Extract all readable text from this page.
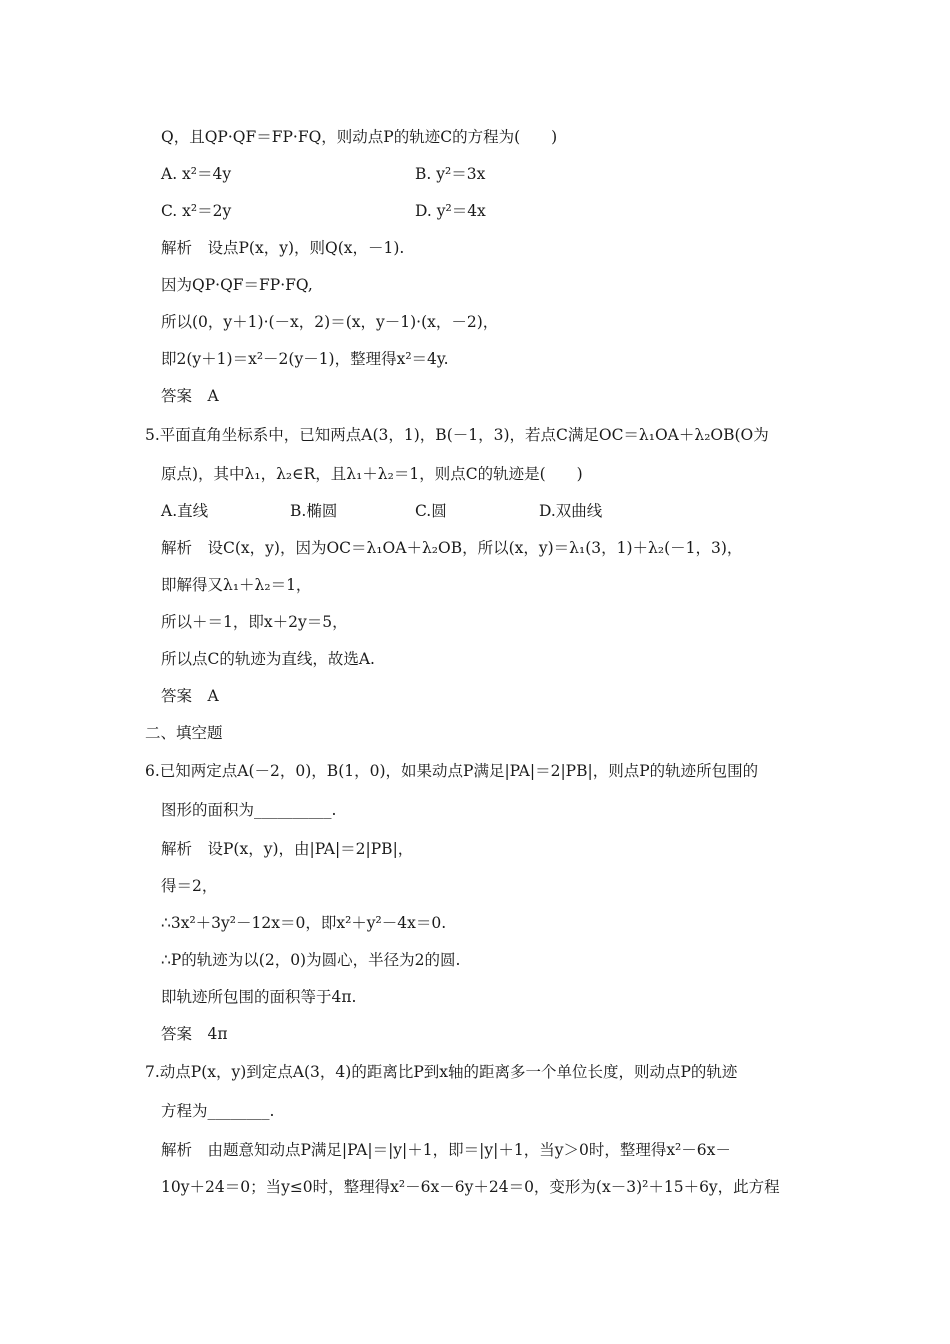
Q，且QP·QF＝FP·FQ，则动点P的轨迹C的方程为(　　)
A. x²＝4y	B. y²＝3x
C. x²＝2y	D. y²＝4x
解析　设点P(x，y)，则Q(x，－1).
因为QP·QF＝FP·FQ,
所以(0，y＋1)·(－x，2)＝(x，y－1)·(x，－2)，
即2(y＋1)＝x²－2(y－1)，整理得x²＝4y.
答案　A
5.平面直角坐标系中，已知两点A(3，1)，B(－1，3)，若点C满足OC＝λ₁OA＋λ₂OB(O为
原点)，其中λ₁，λ₂∈R，且λ₁＋λ₂＝1，则点C的轨迹是(　　)
A.直线	B.椭圆	C.圆	D.双曲线
解析　设C(x，y)，因为OC＝λ₁OA＋λ₂OB，所以(x，y)＝λ₁(3，1)＋λ₂(－1，3)，
即解得又λ₁＋λ₂＝1，
所以＋＝1，即x＋2y＝5，
所以点C的轨迹为直线，故选A.
答案　A
二、填空题
6.已知两定点A(－2，0)，B(1，0)，如果动点P满足|PA|＝2|PB|，则点P的轨迹所包围的
图形的面积为__________.
解析　设P(x，y)，由|PA|＝2|PB|，
得＝2，
∴3x²＋3y²－12x＝0，即x²＋y²－4x＝0.
∴P的轨迹为以(2，0)为圆心，半径为2的圆.
即轨迹所包围的面积等于4π.
答案　4π
7.动点P(x，y)到定点A(3，4)的距离比P到x轴的距离多一个单位长度，则动点P的轨迹
方程为________.
解析　由题意知动点P满足|PA|＝|y|＋1，即＝|y|＋1，当y＞0时，整理得x²－6x－
10y＋24＝0；当y≤0时，整理得x²－6x－6y＋24＝0，变形为(x－3)²＋15＋6y，此方程
